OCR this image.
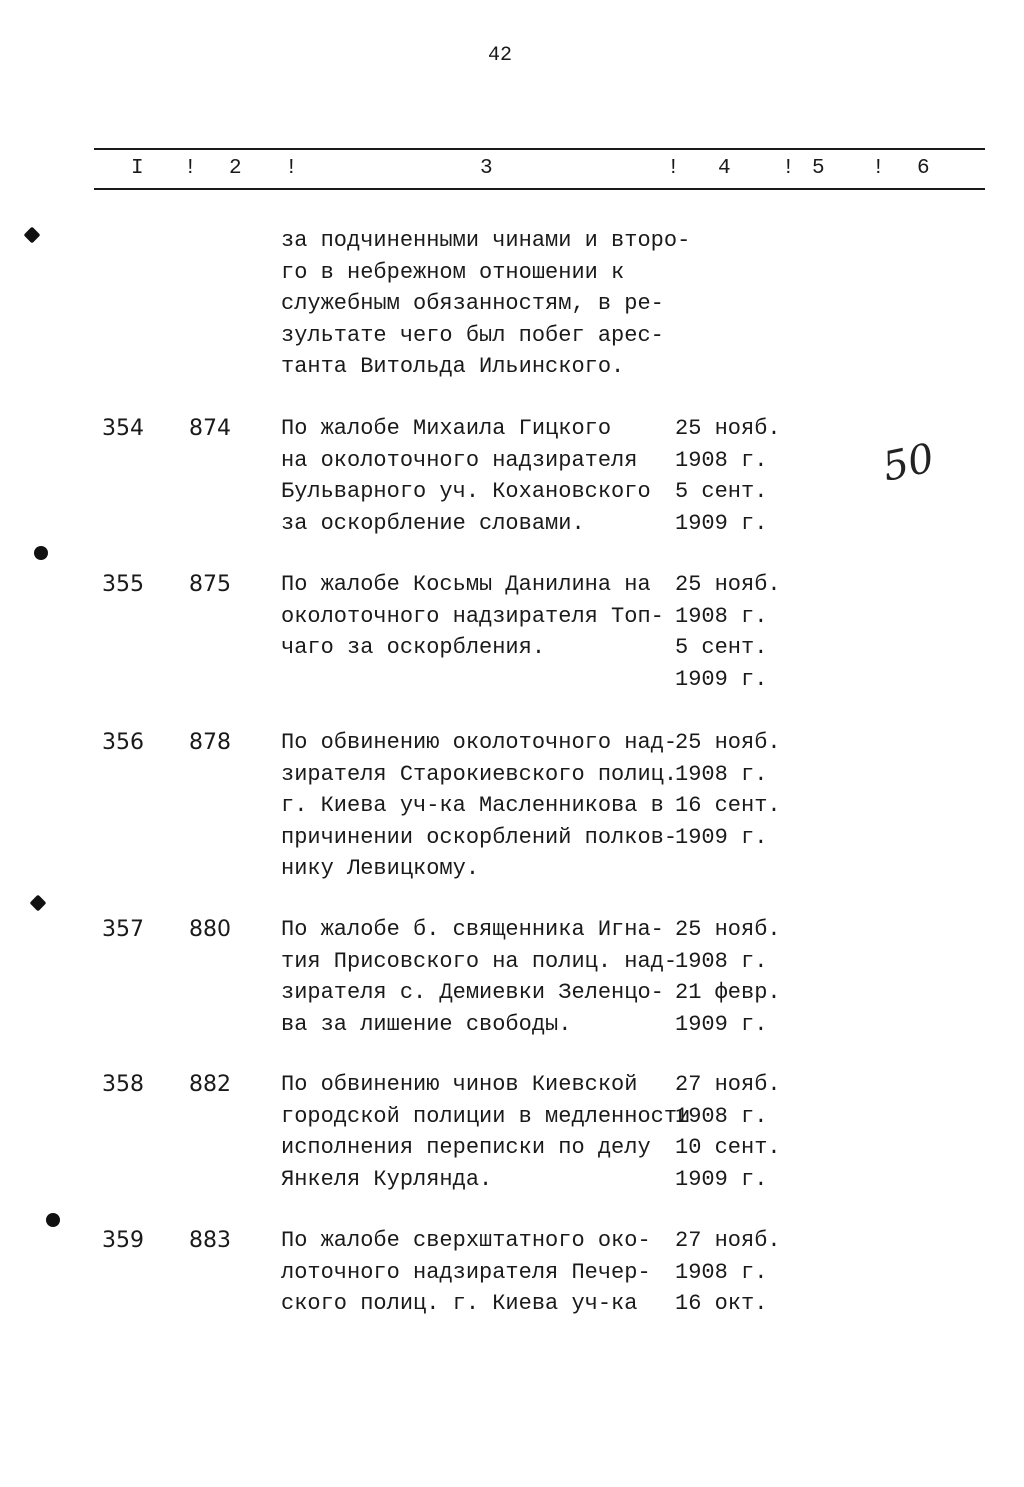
42
I ! 2 !	3	! 4 ! 5 ! 6
за подчиненными чинами и второ-
го в небрежном отношении к
служебным обязанностям, в ре-
зультате чего был побег арес-
танта Витольда Ильинского.
354 874 По жалобе Михаила Гицкого
на околоточного надзирателя
Бульварного уч. Кохановского
за оскорбление словами.
25 нояб.
1908 г.
5 сент.
1909 г.
355 875 По жалобе Косьмы Данилина на
околоточного надзирателя Топ-
чаго за оскорбления.
25 нояб.
1908 г.
5 сент.
1909 г.
356 878 По обвинению околоточного над-
зирателя Старокиевского полиц.
г. Киева уч-ка Масленникова в
причинении оскорблений полков-
нику Левицкому.
25 нояб.
1908 г.
16 сент.
1909 г.
357 880 По жалобе б. священника Игна-
тия Присовского на полиц. над-
зирателя с. Демиевки Зеленцо-
ва за лишение свободы.
25 нояб.
1908 г.
21 февр.
1909 г.
358 882 По обвинению чинов Киевской
городской полиции в медленности
исполнения переписки по делу
Янкеля Курлянда.
27 нояб.
1908 г.
10 сент.
1909 г.
359 883 По жалобе сверхштатного око-
лоточного надзирателя Печер-
ского полиц. г. Киева уч-ка
27 нояб.
1908 г.
16 окт.
50
